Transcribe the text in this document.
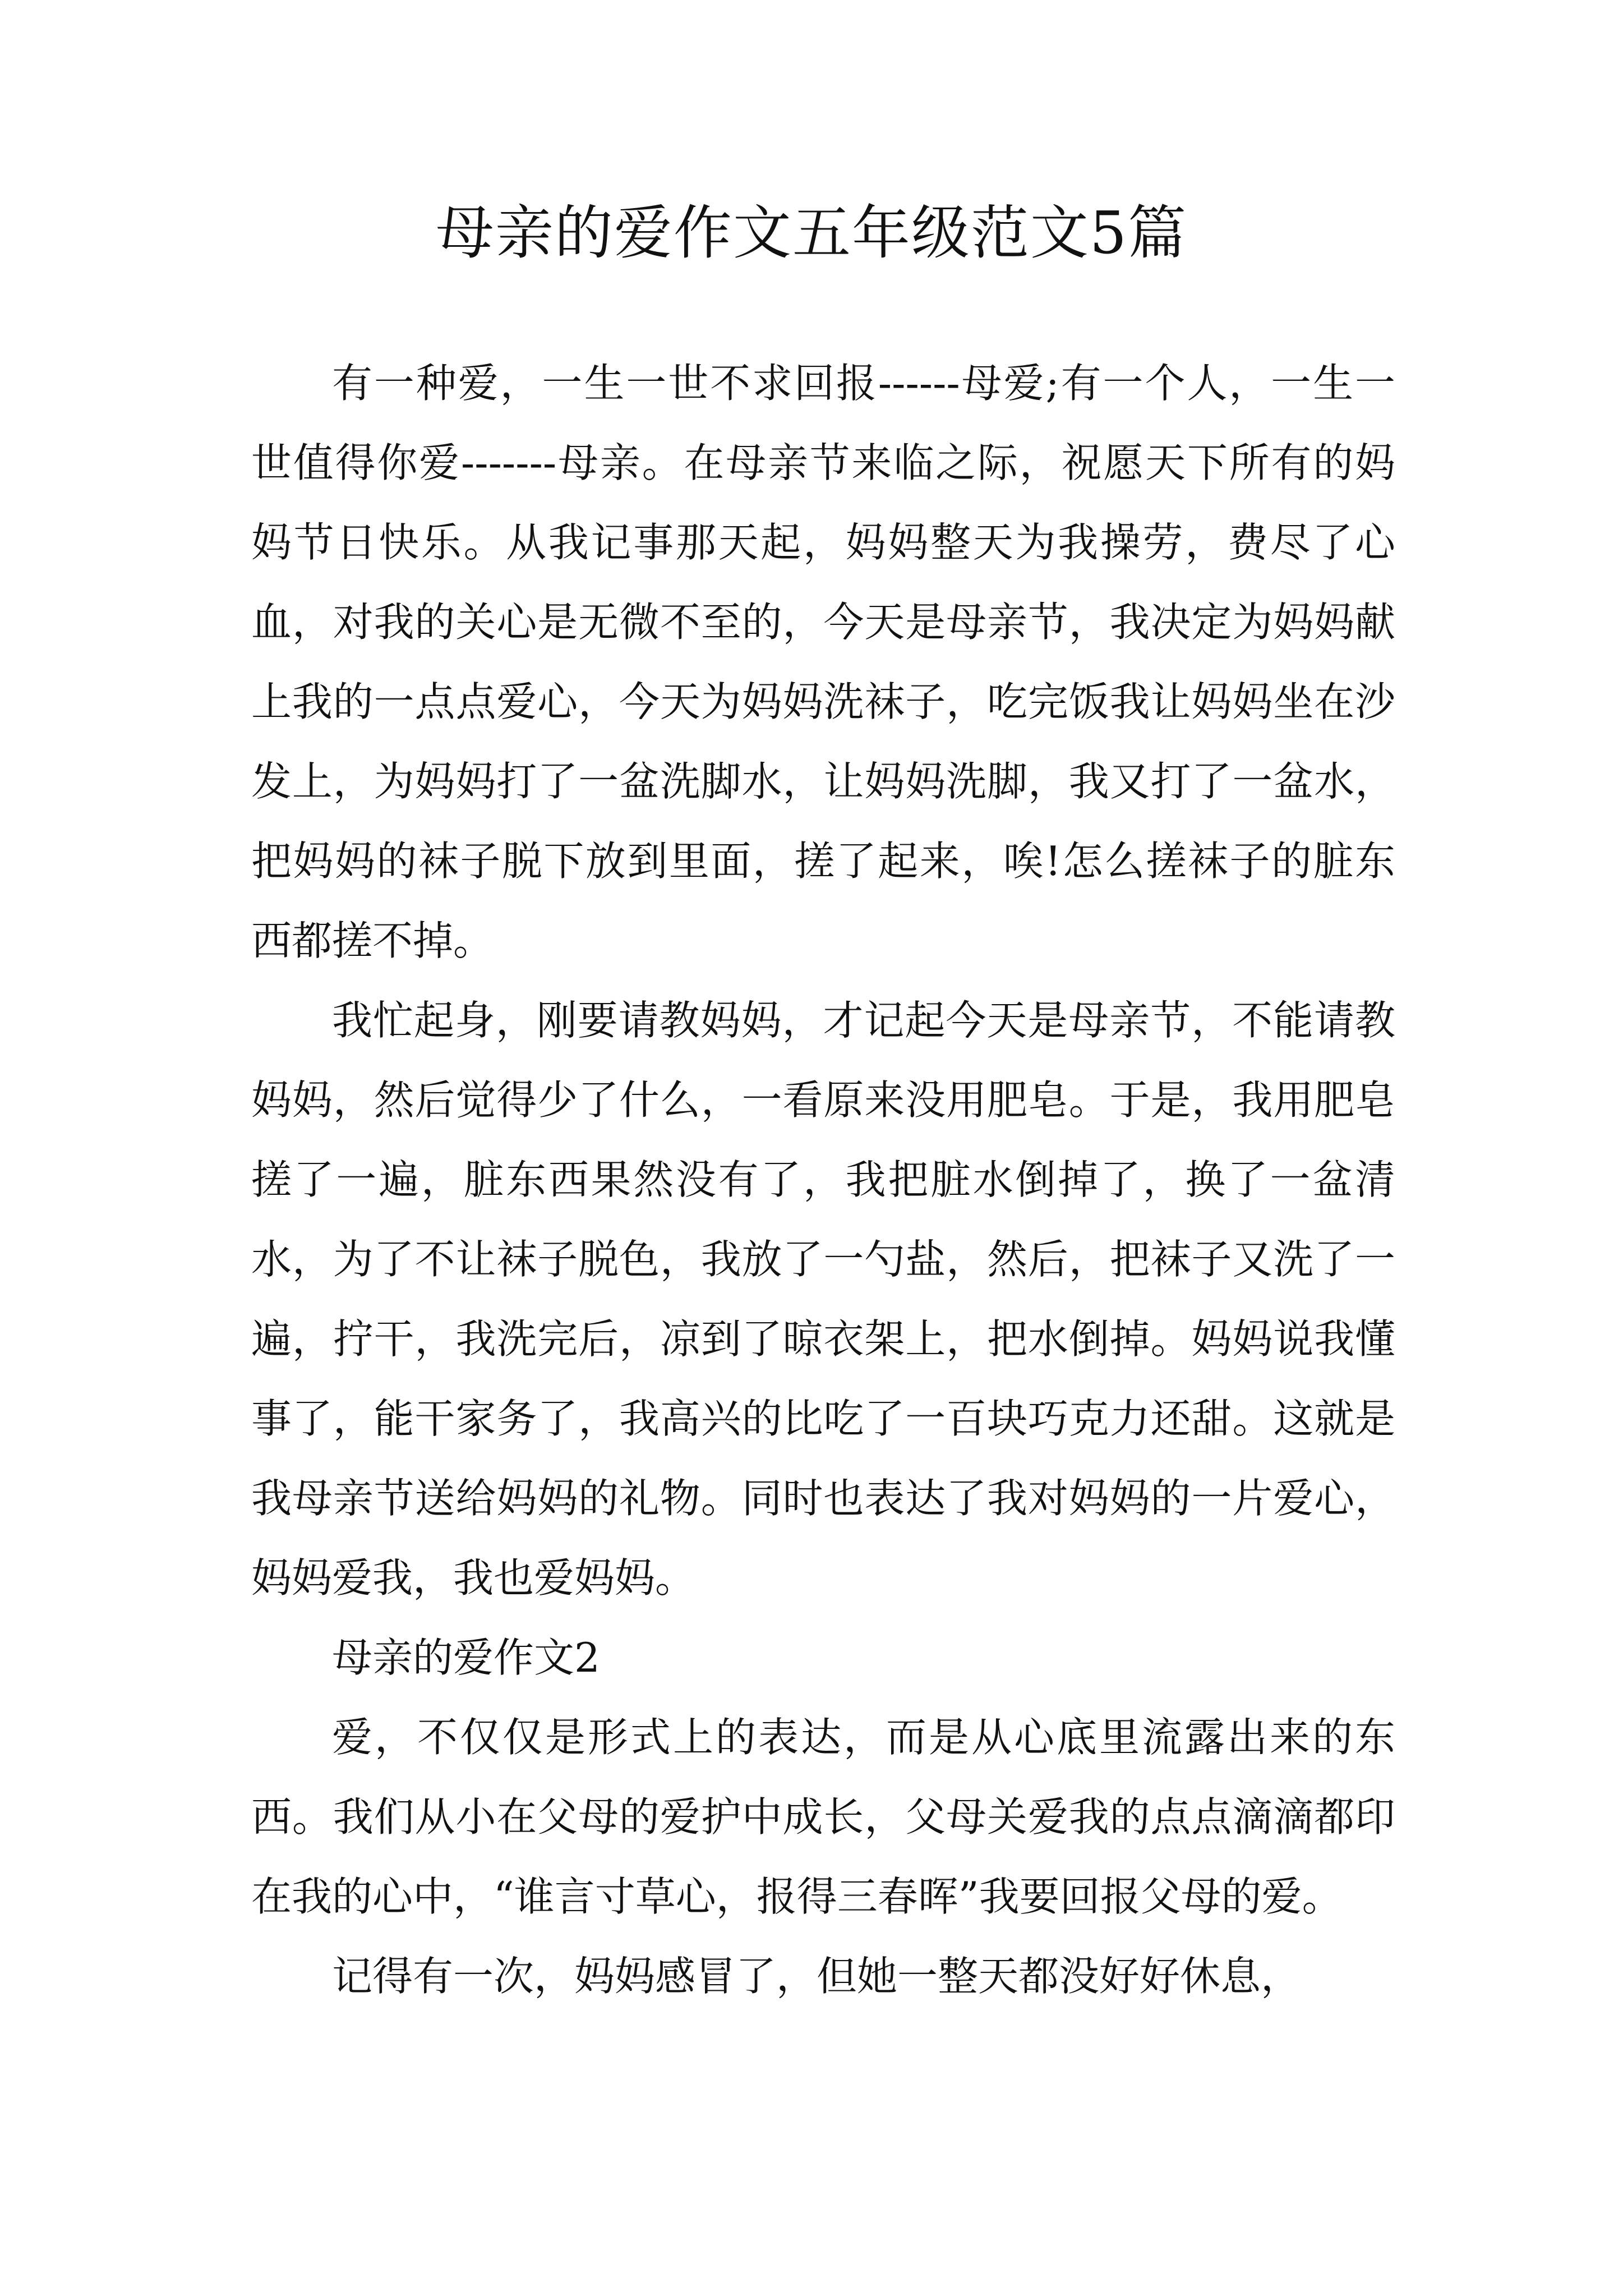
母亲的爱作文五年级范文5篇

有一种爱，一生一世不求回报------母爱;有一个人，一生一世值得你爱-------母亲。在母亲节来临之际，祝愿天下所有的妈妈节日快乐。从我记事那天起，妈妈整天为我操劳，费尽了心血，对我的关心是无微不至的，今天是母亲节，我决定为妈妈献上我的一点点爱心，今天为妈妈洗袜子，吃完饭我让妈妈坐在沙发上，为妈妈打了一盆洗脚水，让妈妈洗脚，我又打了一盆水，把妈妈的袜子脱下放到里面，搓了起来，唉!怎么搓袜子的脏东西都搓不掉。

我忙起身，刚要请教妈妈，才记起今天是母亲节，不能请教妈妈，然后觉得少了什么，一看原来没用肥皂。于是，我用肥皂搓了一遍，脏东西果然没有了，我把脏水倒掉了，换了一盆清水，为了不让袜子脱色，我放了一勺盐，然后，把袜子又洗了一遍，拧干，我洗完后，凉到了晾衣架上，把水倒掉。妈妈说我懂事了，能干家务了，我高兴的比吃了一百块巧克力还甜。这就是我母亲节送给妈妈的礼物。同时也表达了我对妈妈的一片爱心，妈妈爱我，我也爱妈妈。

母亲的爱作文2

爱，不仅仅是形式上的表达，而是从心底里流露出来的东西。我们从小在父母的爱护中成长，父母关爱我的点点滴滴都印在我的心中，“谁言寸草心，报得三春晖”我要回报父母的爱。

记得有一次，妈妈感冒了，但她一整天都没好好休息，
